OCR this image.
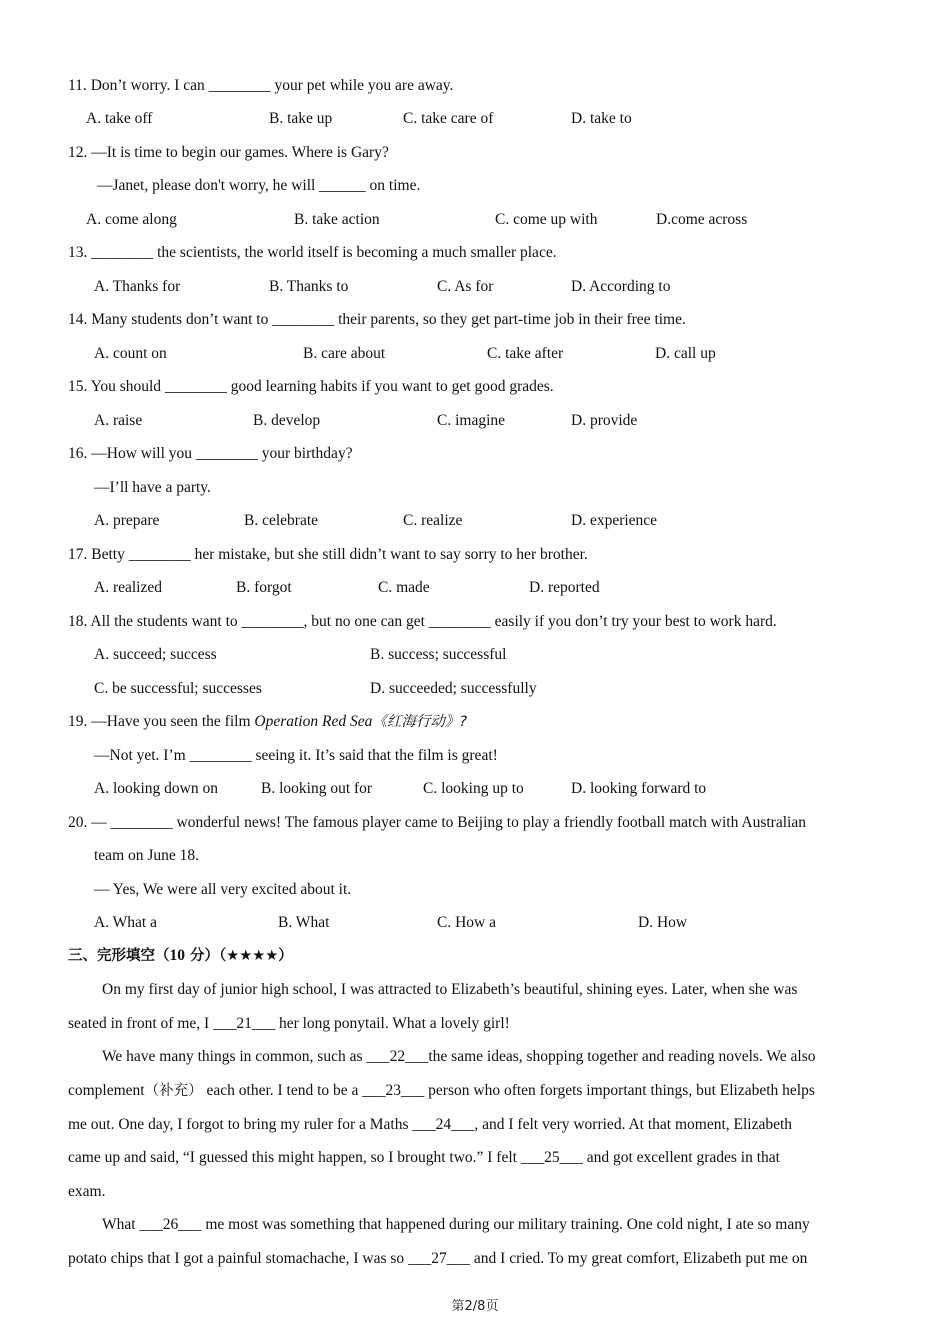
11. Don’t worry. I can ________ your pet while you are away.
A. take off	B. take up	C. take care of	D. take to
12. —It is time to begin our games. Where is Gary?
—Janet, please don't worry, he will ______ on time.
A. come along	B. take action	C. come up with	D.come across
13. ________ the scientists, the world itself is becoming a much smaller place.
A. Thanks for	B. Thanks to	C. As for	D. According to
14. Many students don’t want to ________ their parents, so they get part-time job in their free time.
A. count on	B. care about	C. take after	D. call up
15. You should ________ good learning habits if you want to get good grades.
A. raise	B. develop	C. imagine	D. provide
16. —How will you ________ your birthday?
—I’ll have a party.
A. prepare	B. celebrate	C. realize	D. experience
17. Betty ________ her mistake, but she still didn’t want to say sorry to her brother.
A. realized	B. forgot	C. made	D. reported
18. All the students want to ________, but no one can get ________ easily if you don’t try your best to work hard.
A. succeed; success	B. success; successful
C. be successful; successes	D. succeeded; successfully
19. —Have you seen the film Operation Red Sea《红海行动》?
—Not yet. I’m ________ seeing it. It’s said that the film is great!
A. looking down on	B. looking out for	C. looking up to	D. looking forward to
20. — ________ wonderful news! The famous player came to Beijing to play a friendly football match with Australian
team on June 18.
— Yes, We were all very excited about it.
A. What a	B. What	C. How a	D. How
三、完形填空（10 分）（★★★★）
On my first day of junior high school, I was attracted to Elizabeth’s beautiful, shining eyes. Later, when she was
seated in front of me, I ___21___ her long ponytail. What a lovely girl!
We have many things in common, such as ___22___the same ideas, shopping together and reading novels. We also
complement（补充） each other. I tend to be a ___23___ person who often forgets important things, but Elizabeth helps
me out. One day, I forgot to bring my ruler for a Maths ___24___, and I felt very worried. At that moment, Elizabeth
came up and said, “I guessed this might happen, so I brought two.” I felt ___25___ and got excellent grades in that
exam.
What ___26___ me most was something that happened during our military training. One cold night, I ate so many
potato chips that I got a painful stomachache, I was so ___27___ and I cried. To my great comfort, Elizabeth put me on
第2/8页
